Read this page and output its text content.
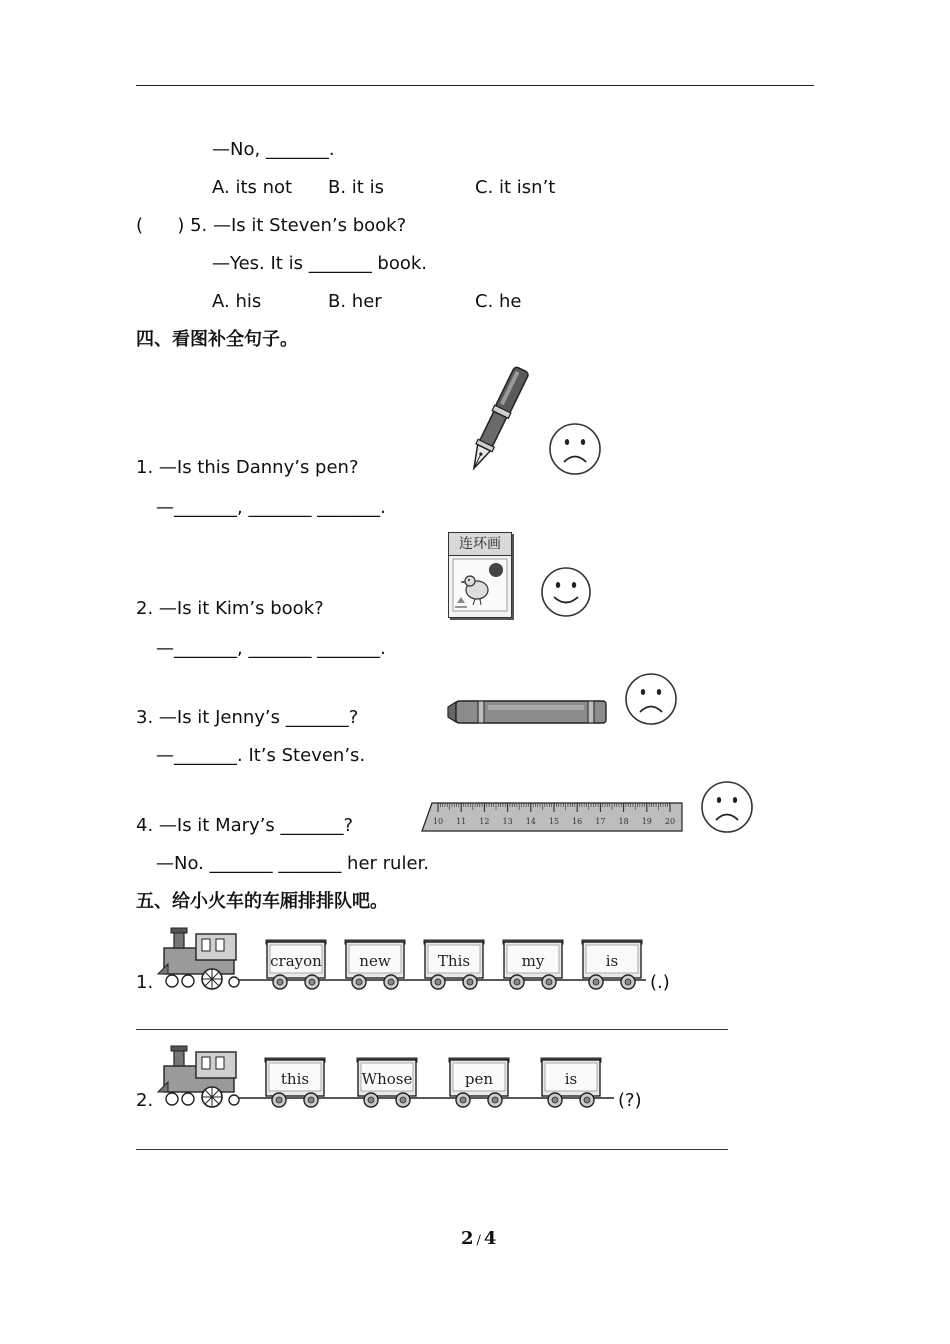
—No, _______.
A. its not B. it is	C. it isn’t
(      ) 5. —Is it Steven’s book?
—Yes. It is _______ book.
A. his	B. her	C. he
四、看图补全句子。
1. —Is this Danny’s pen?
—_______, _______ _______.
2. —Is it Kim’s book?
—_______, _______ _______.
连环画
3. —Is it Jenny’s _______?
—_______. It’s Steven’s.
4. —Is it Mary’s _______?
—No. _______ _______ her ruler.
10 11 12 13 14 15 16 17 18 19 20
五、给小火车的车厢排排队吧。
1.
crayon new	This	my	is
(.)
2.
this	Whose	pen	is
(?)
2 / 4
